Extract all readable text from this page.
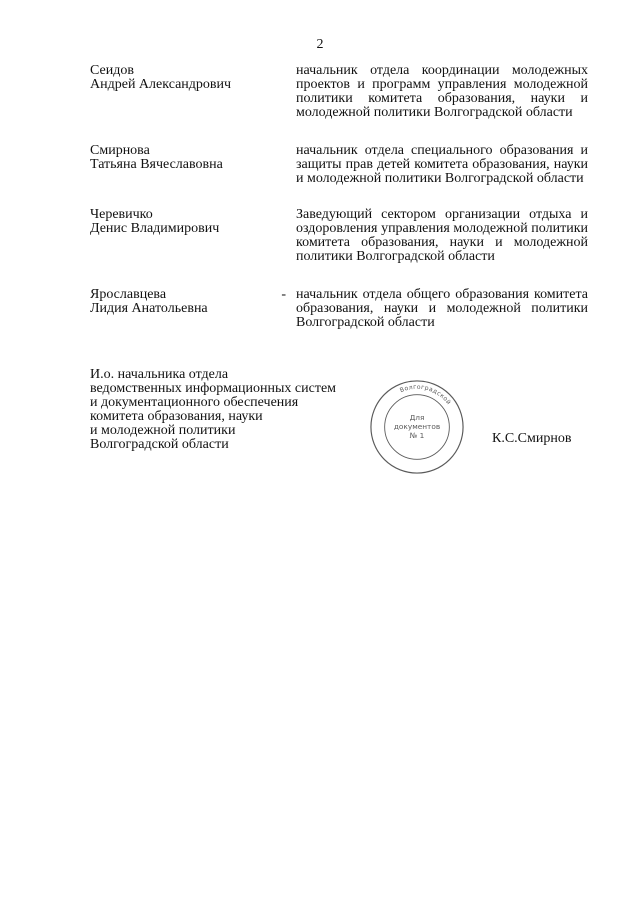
2
Сеидов
Андрей Александрович
начальник отдела координации молодежных проектов и программ управления молодежной политики комитета образования, науки и молодежной политики Волгоградской области
Смирнова
Татьяна Вячеславовна
начальник отдела специального образования и защиты прав детей комитета образования, науки и молодежной политики Волгоградской области
Черевичко
Денис Владимирович
Заведующий сектором организации отдыха и оздоровления управления молодежной политики комитета образования, науки и молодежной политики Волгоградской области
Ярославцева
Лидия Анатольевна
- начальник отдела общего образования комитета образования, науки и молодежной политики Волгоградской области
И.о. начальника отдела
ведомственных информационных систем
и документационного обеспечения
комитета образования, науки
и молодежной политики
Волгоградской области
Волгоградской
Для
документов
№ 1	К.С.Смирнов
